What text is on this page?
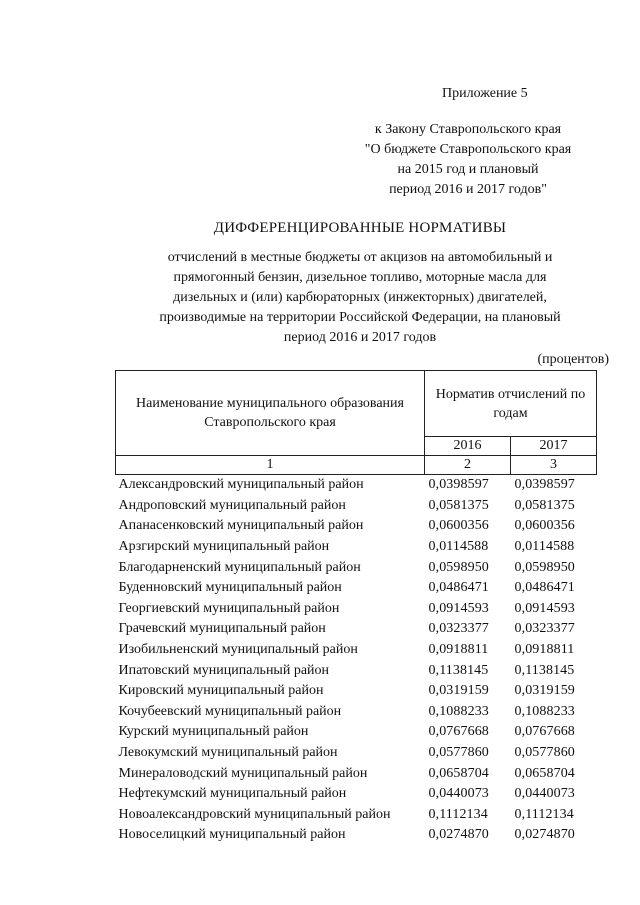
Приложение 5
к Закону Ставропольского края
"О бюджете Ставропольского края
на 2015 год и плановый
период 2016 и 2017 годов"
ДИФФЕРЕНЦИРОВАННЫЕ НОРМАТИВЫ
отчислений в местные бюджеты от акцизов на автомобильный и
прямогонный бензин, дизельное топливо, моторные масла для
дизельных и (или) карбюраторных (инжекторных) двигателей,
производимые на территории Российской Федерации, на плановый
период 2016 и 2017 годов
(процентов)
Наименование муниципального образования Ставропольского края	Норматив отчислений по годам	
	2016	2017
1	2	3
Александровский муниципальный район	0,0398597	0,0398597
Андроповский муниципальный район	0,0581375	0,0581375
Апанасенковский муниципальный район	0,0600356	0,0600356
Арзгирский муниципальный район	0,0114588	0,0114588
Благодарненский муниципальный район	0,0598950	0,0598950
Буденновский муниципальный район	0,0486471	0,0486471
Георгиевский муниципальный район	0,0914593	0,0914593
Грачевский муниципальный район	0,0323377	0,0323377
Изобильненский муниципальный район	0,0918811	0,0918811
Ипатовский муниципальный район	0,1138145	0,1138145
Кировский муниципальный район	0,0319159	0,0319159
Кочубеевский муниципальный район	0,1088233	0,1088233
Курский муниципальный район	0,0767668	0,0767668
Левокумский муниципальный район	0,0577860	0,0577860
Минераловодский муниципальный район	0,0658704	0,0658704
Нефтекумский муниципальный район	0,0440073	0,0440073
Новоалександровский муниципальный район	0,1112134	0,1112134
Новоселицкий муниципальный район	0,0274870	0,0274870
